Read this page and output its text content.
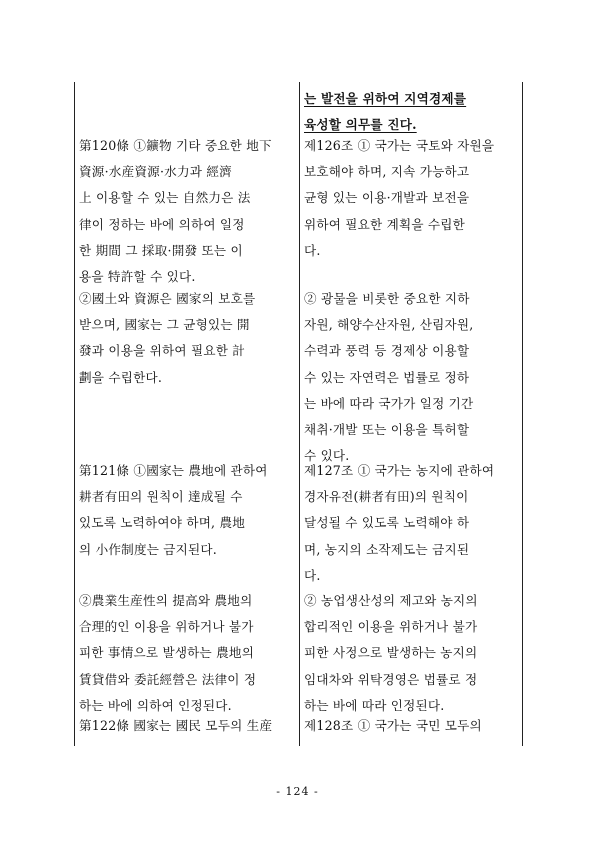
第120條 ①鑛物 기타 중요한 地下
資源·水産資源·水力과 經濟
上 이용할 수 있는 自然力은 法
律이 정하는 바에 의하여 일정
한 期間 그 採取·開發 또는 이
용을 特許할 수 있다.
②國土와 資源은 國家의 보호를
받으며, 國家는 그 균형있는 開
發과 이용을 위하여 필요한 計
劃을 수립한다.
第121條 ①國家는 農地에 관하여
耕者有田의 원칙이 達成될 수
있도록 노력하여야 하며, 農地
의 小作制度는 금지된다.
②農業生産性의 提高와 農地의
合理的인 이용을 위하거나 불가
피한 事情으로 발생하는 農地의
賃貸借와 委託經營은 法律이 정
하는 바에 의하여 인정된다.
第122條 國家는 國民 모두의 生産
는 발전을 위하여 지역경제를
육성할 의무를 진다.
제126조 ① 국가는 국토와 자원을
보호해야 하며, 지속 가능하고
균형 있는 이용·개발과 보전을
위하여 필요한 계획을 수립한
다.
② 광물을 비롯한 중요한 지하
자원, 해양수산자원, 산림자원,
수력과 풍력 등 경제상 이용할
수 있는 자연력은 법률로 정하
는 바에 따라 국가가 일정 기간
채취·개발 또는 이용을 특허할
수 있다.
제127조 ① 국가는 농지에 관하여
경자유전(耕者有田)의 원칙이
달성될 수 있도록 노력해야 하
며, 농지의 소작제도는 금지된
다.
② 농업생산성의 제고와 농지의
합리적인 이용을 위하거나 불가
피한 사정으로 발생하는 농지의
임대차와 위탁경영은 법률로 정
하는 바에 따라 인정된다.
제128조 ① 국가는 국민 모두의
- 124 -
